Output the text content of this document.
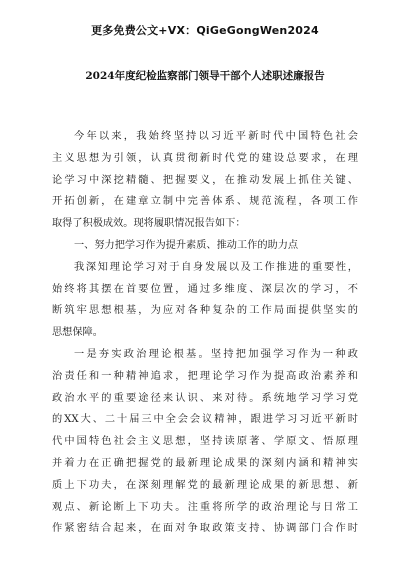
更多免费公文+VX：QiGeGongWen2024
2024年度纪检监察部门领导干部个人述职述廉报告
今年以来，我始终坚持以习近平新时代中国特色社会
主义思想为引领，认真贯彻新时代党的建设总要求，在理
论学习中深挖精髓、把握要义，在推动发展上抓住关键、
开拓创新，在建章立制中完善体系、规范流程，各项工作
取得了积极成效。现将履职情况报告如下：
一、努力把学习作为提升素质、推动工作的助力点
我深知理论学习对于自身发展以及工作推进的重要性，
始终将其摆在首要位置，通过多维度、深层次的学习，不
断筑牢思想根基，为应对各种复杂的工作局面提供坚实的
思想保障。
一是夯实政治理论根基。坚持把加强学习作为一种政
治责任和一种精神追求，把理论学习作为提高政治素养和
政治水平的重要途径来认识、来对待。系统地学习学习党
的XX大、二十届三中全会会议精神，跟进学习习近平新时
代中国特色社会主义思想，坚持读原著、学原文、悟原理
并着力在正确把握党的最新理论成果的深刻内涵和精神实
质上下功夫，在深刻理解党的最新理论成果的新思想、新
观点、新论断上下功夫。注重将所学的政治理论与日常工
作紧密结合起来，在面对争取政策支持、协调部门合作时
